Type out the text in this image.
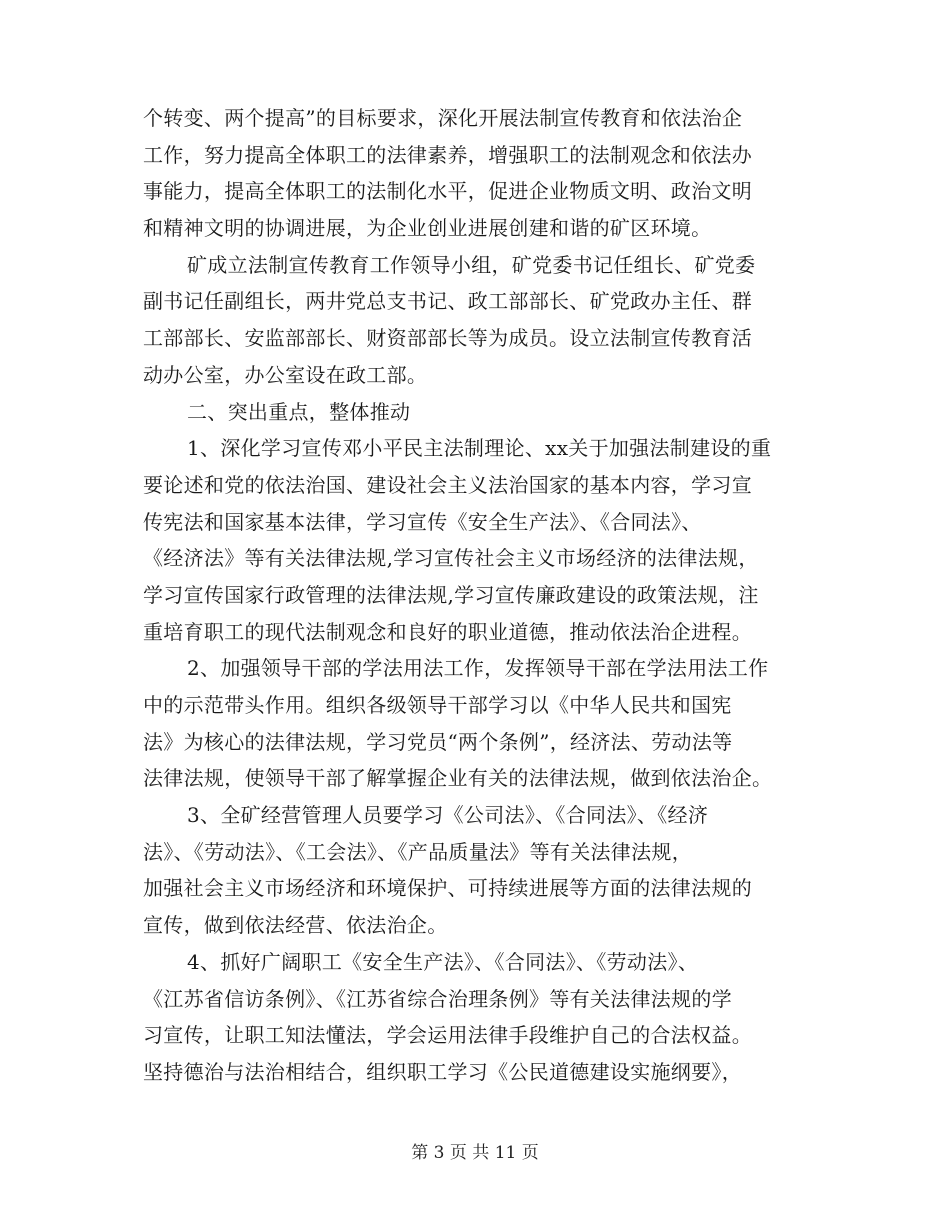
个转变、两个提高”的目标要求，深化开展法制宣传教育和依法治企
工作，努力提高全体职工的法律素养，增强职工的法制观念和依法办
事能力，提高全体职工的法制化水平，促进企业物质文明、政治文明
和精神文明的协调进展，为企业创业进展创建和谐的矿区环境。
矿成立法制宣传教育工作领导小组，矿党委书记任组长、矿党委
副书记任副组长，两井党总支书记、政工部部长、矿党政办主任、群
工部部长、安监部部长、财资部部长等为成员。设立法制宣传教育活
动办公室，办公室设在政工部。
二、突出重点，整体推动
1、深化学习宣传邓小平民主法制理论、xx关于加强法制建设的重
要论述和党的依法治国、建设社会主义法治国家的基本内容，学习宣
传宪法和国家基本法律，学习宣传《安全生产法》、《合同法》、
《经济法》等有关法律法规,学习宣传社会主义市场经济的法律法规，
学习宣传国家行政管理的法律法规,学习宣传廉政建设的政策法规，注
重培育职工的现代法制观念和良好的职业道德，推动依法治企进程。
2、加强领导干部的学法用法工作，发挥领导干部在学法用法工作
中的示范带头作用。组织各级领导干部学习以《中华人民共和国宪
法》为核心的法律法规，学习党员“两个条例”，经济法、劳动法等
法律法规，使领导干部了解掌握企业有关的法律法规，做到依法治企。
3、全矿经营管理人员要学习《公司法》、《合同法》、《经济
法》、《劳动法》、《工会法》、《产品质量法》等有关法律法规，
加强社会主义市场经济和环境保护、可持续进展等方面的法律法规的
宣传，做到依法经营、依法治企。
4、抓好广阔职工《安全生产法》、《合同法》、《劳动法》、
《江苏省信访条例》、《江苏省综合治理条例》等有关法律法规的学
习宣传，让职工知法懂法，学会运用法律手段维护自己的合法权益。
坚持德治与法治相结合，组织职工学习《公民道德建设实施纲要》，
第 3 页 共 11 页
